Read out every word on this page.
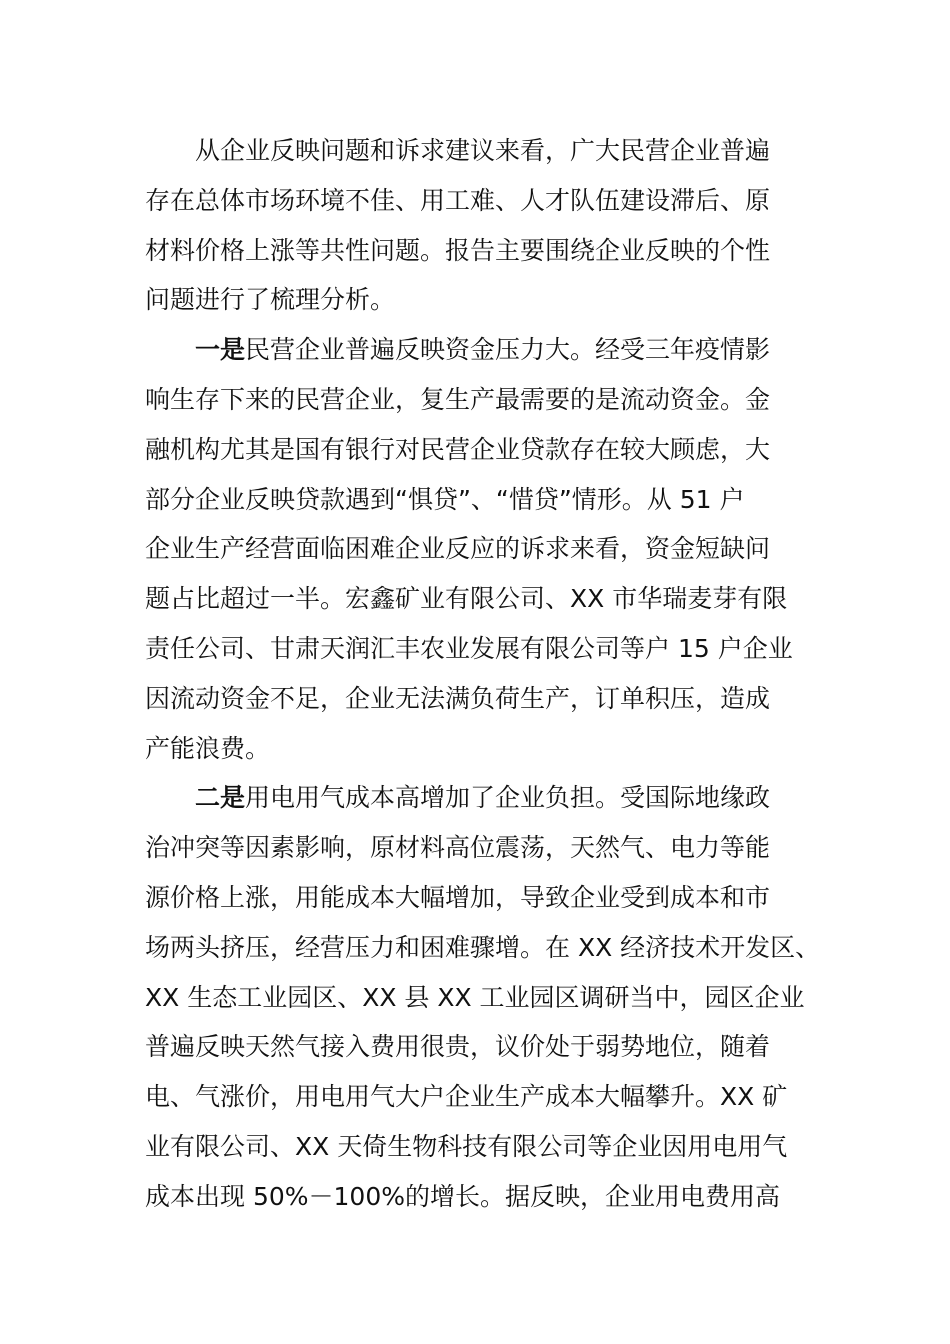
从企业反映问题和诉求建议来看，广大民营企业普遍
存在总体市场环境不佳、用工难、人才队伍建设滞后、原
材料价格上涨等共性问题。报告主要围绕企业反映的个性
问题进行了梳理分析。
一是民营企业普遍反映资金压力大。经受三年疫情影
响生存下来的民营企业，复生产最需要的是流动资金。金
融机构尤其是国有银行对民营企业贷款存在较大顾虑，大
部分企业反映贷款遇到“惧贷”、“惜贷”情形。从 51 户
企业生产经营面临困难企业反应的诉求来看，资金短缺问
题占比超过一半。宏鑫矿业有限公司、XX 市华瑞麦芽有限
责任公司、甘肃天润汇丰农业发展有限公司等户 15 户企业
因流动资金不足，企业无法满负荷生产，订单积压，造成
产能浪费。
二是用电用气成本高增加了企业负担。受国际地缘政
治冲突等因素影响，原材料高位震荡，天然气、电力等能
源价格上涨，用能成本大幅增加，导致企业受到成本和市
场两头挤压，经营压力和困难骤增。在 XX 经济技术开发区、
XX 生态工业园区、XX 县 XX 工业园区调研当中，园区企业
普遍反映天然气接入费用很贵，议价处于弱势地位，随着
电、气涨价，用电用气大户企业生产成本大幅攀升。XX 矿
业有限公司、XX 天倚生物科技有限公司等企业因用电用气
成本出现 50%－100%的增长。据反映，企业用电费用高
